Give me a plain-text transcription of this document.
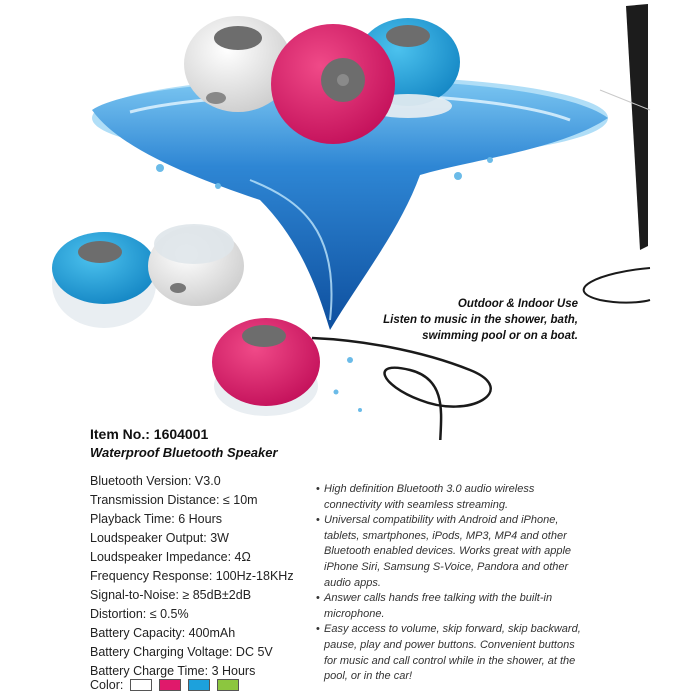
Outdoor & Indoor Use
Listen to music in the shower, bath,
swimming pool or on a boat.
Item No.: 1604001
Waterproof Bluetooth Speaker
Bluetooth Version: V3.0
Transmission Distance: ≤ 10m
Playback Time: 6 Hours
Loudspeaker Output: 3W
Loudspeaker Impedance: 4Ω
Frequency Response: 100Hz-18KHz
Signal-to-Noise: ≥ 85dB±2dB
Distortion: ≤ 0.5%
Battery Capacity: 400mAh
Battery Charging Voltage: DC 5V
Battery Charge Time: 3 Hours
Color:
• High definition Bluetooth 3.0 audio wireless connectivity with seamless streaming.
• Universal compatibility with Android and iPhone, tablets, smartphones, iPods, MP3, MP4 and other Bluetooth enabled devices. Works great with apple iPhone Siri, Samsung S-Voice, Pandora and other audio apps.
• Answer calls hands free talking with the built-in microphone.
• Easy access to volume, skip forward, skip backward, pause, play and power buttons. Convenient buttons for music and call control while in the shower, at the pool, or in the car!
